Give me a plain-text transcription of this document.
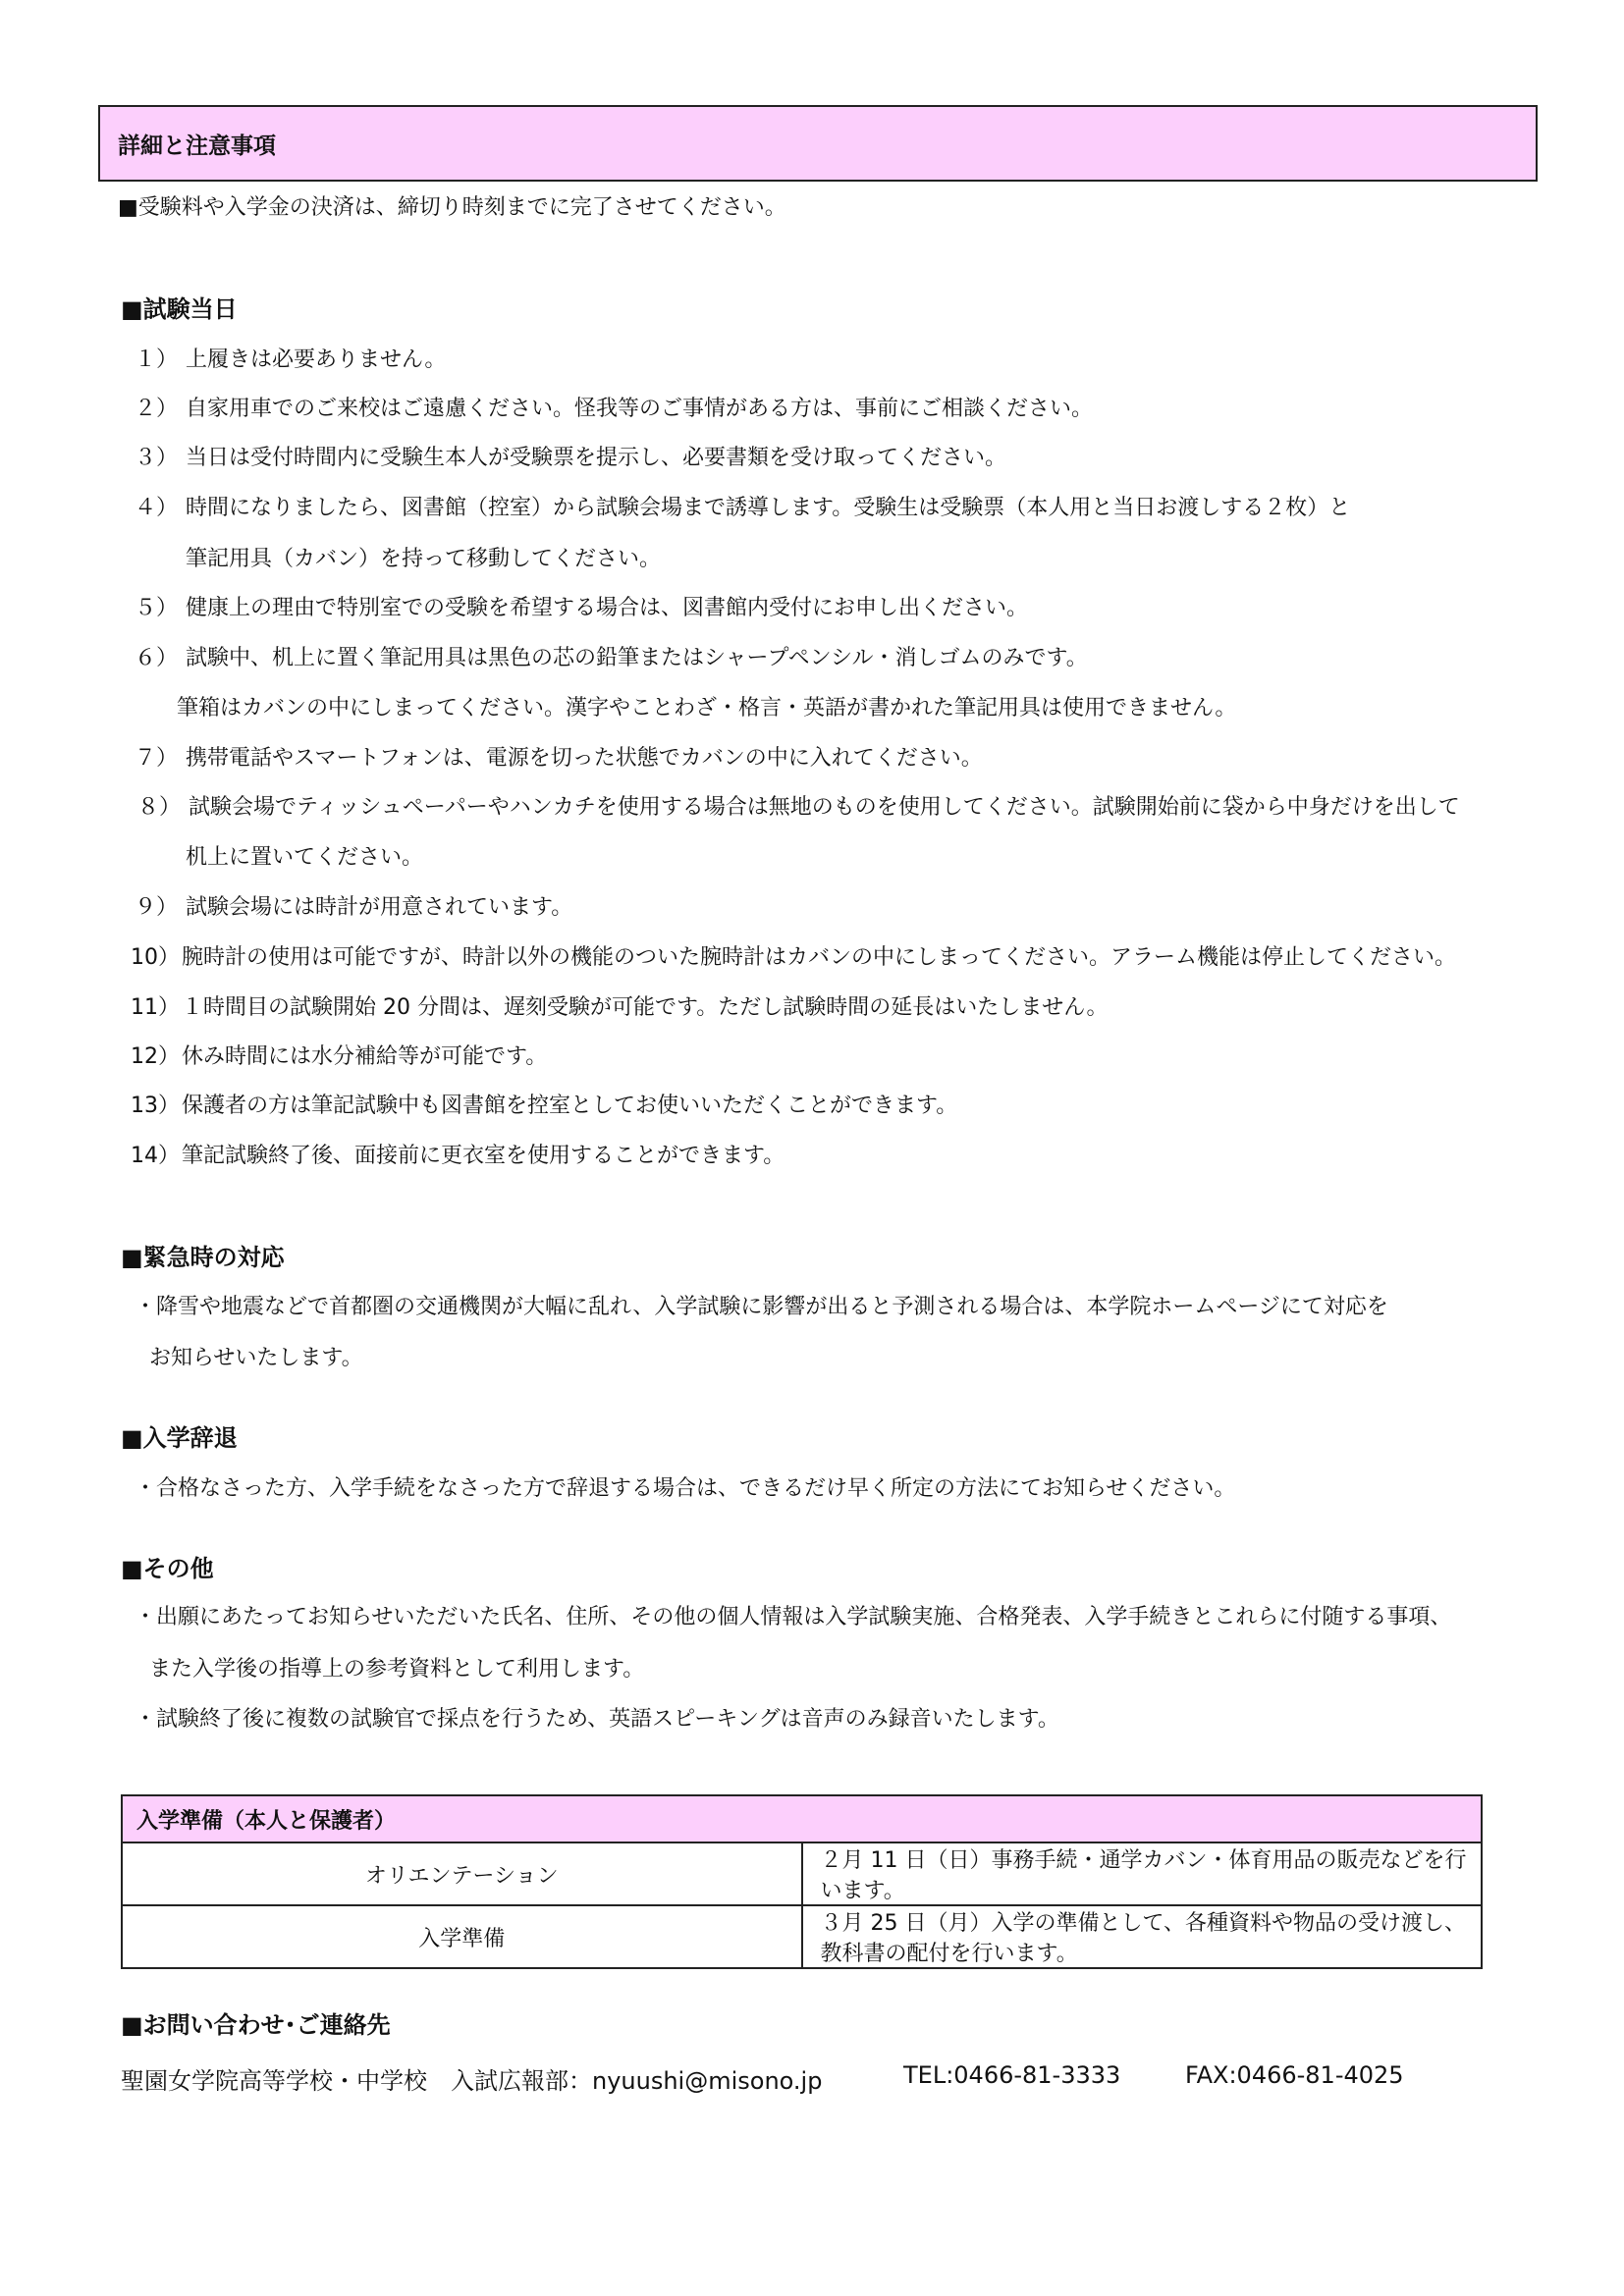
詳細と注意事項
■受験料や入学金の決済は、締切り時刻までに完了させてください。
■試験当日
１） 上履きは必要ありません。
２） 自家用車でのご来校はご遠慮ください。怪我等のご事情がある方は、事前にご相談ください。
３） 当日は受付時間内に受験生本人が受験票を提示し、必要書類を受け取ってください。
４） 時間になりましたら、図書館（控室）から試験会場まで誘導します。受験生は受験票（本人用と当日お渡しする２枚）と
筆記用具（カバン）を持って移動してください。
５） 健康上の理由で特別室での受験を希望する場合は、図書館内受付にお申し出ください。
６） 試験中、机上に置く筆記用具は黒色の芯の鉛筆またはシャープペンシル・消しゴムのみです。
筆箱はカバンの中にしまってください。漢字やことわざ・格言・英語が書かれた筆記用具は使用できません。
７） 携帯電話やスマートフォンは、電源を切った状態でカバンの中に入れてください。
８） 試験会場でティッシュペーパーやハンカチを使用する場合は無地のものを使用してください。試験開始前に袋から中身だけを出して
机上に置いてください。
９） 試験会場には時計が用意されています。
10）腕時計の使用は可能ですが、時計以外の機能のついた腕時計はカバンの中にしまってください。アラーム機能は停止してください。
11）１時間目の試験開始 20 分間は、遅刻受験が可能です。ただし試験時間の延長はいたしません。
12）休み時間には水分補給等が可能です。
13）保護者の方は筆記試験中も図書館を控室としてお使いいただくことができます。
14）筆記試験終了後、面接前に更衣室を使用することができます。
■緊急時の対応
・降雪や地震などで首都圏の交通機関が大幅に乱れ、入学試験に影響が出ると予測される場合は、本学院ホームページにて対応を
お知らせいたします。
■入学辞退
・合格なさった方、入学手続をなさった方で辞退する場合は、できるだけ早く所定の方法にてお知らせください。
■その他
・出願にあたってお知らせいただいた氏名、住所、その他の個人情報は入学試験実施、合格発表、入学手続きとこれらに付随する事項、
また入学後の指導上の参考資料として利用します。
・試験終了後に複数の試験官で採点を行うため、英語スピーキングは音声のみ録音いたします。
入学準備（本人と保護者）	
オリエンテーション	２月 11 日（日）事務手続・通学カバン・体育用品の販売などを行います。
入学準備	３月 25 日（月）入学の準備として、各種資料や物品の受け渡し、教科書の配付を行います。
■お問い合わせ･ご連絡先
聖園女学院高等学校・中学校　入試広報部：nyuushi@misono.jp	TEL:0466-81-3333	FAX:0466-81-4025
